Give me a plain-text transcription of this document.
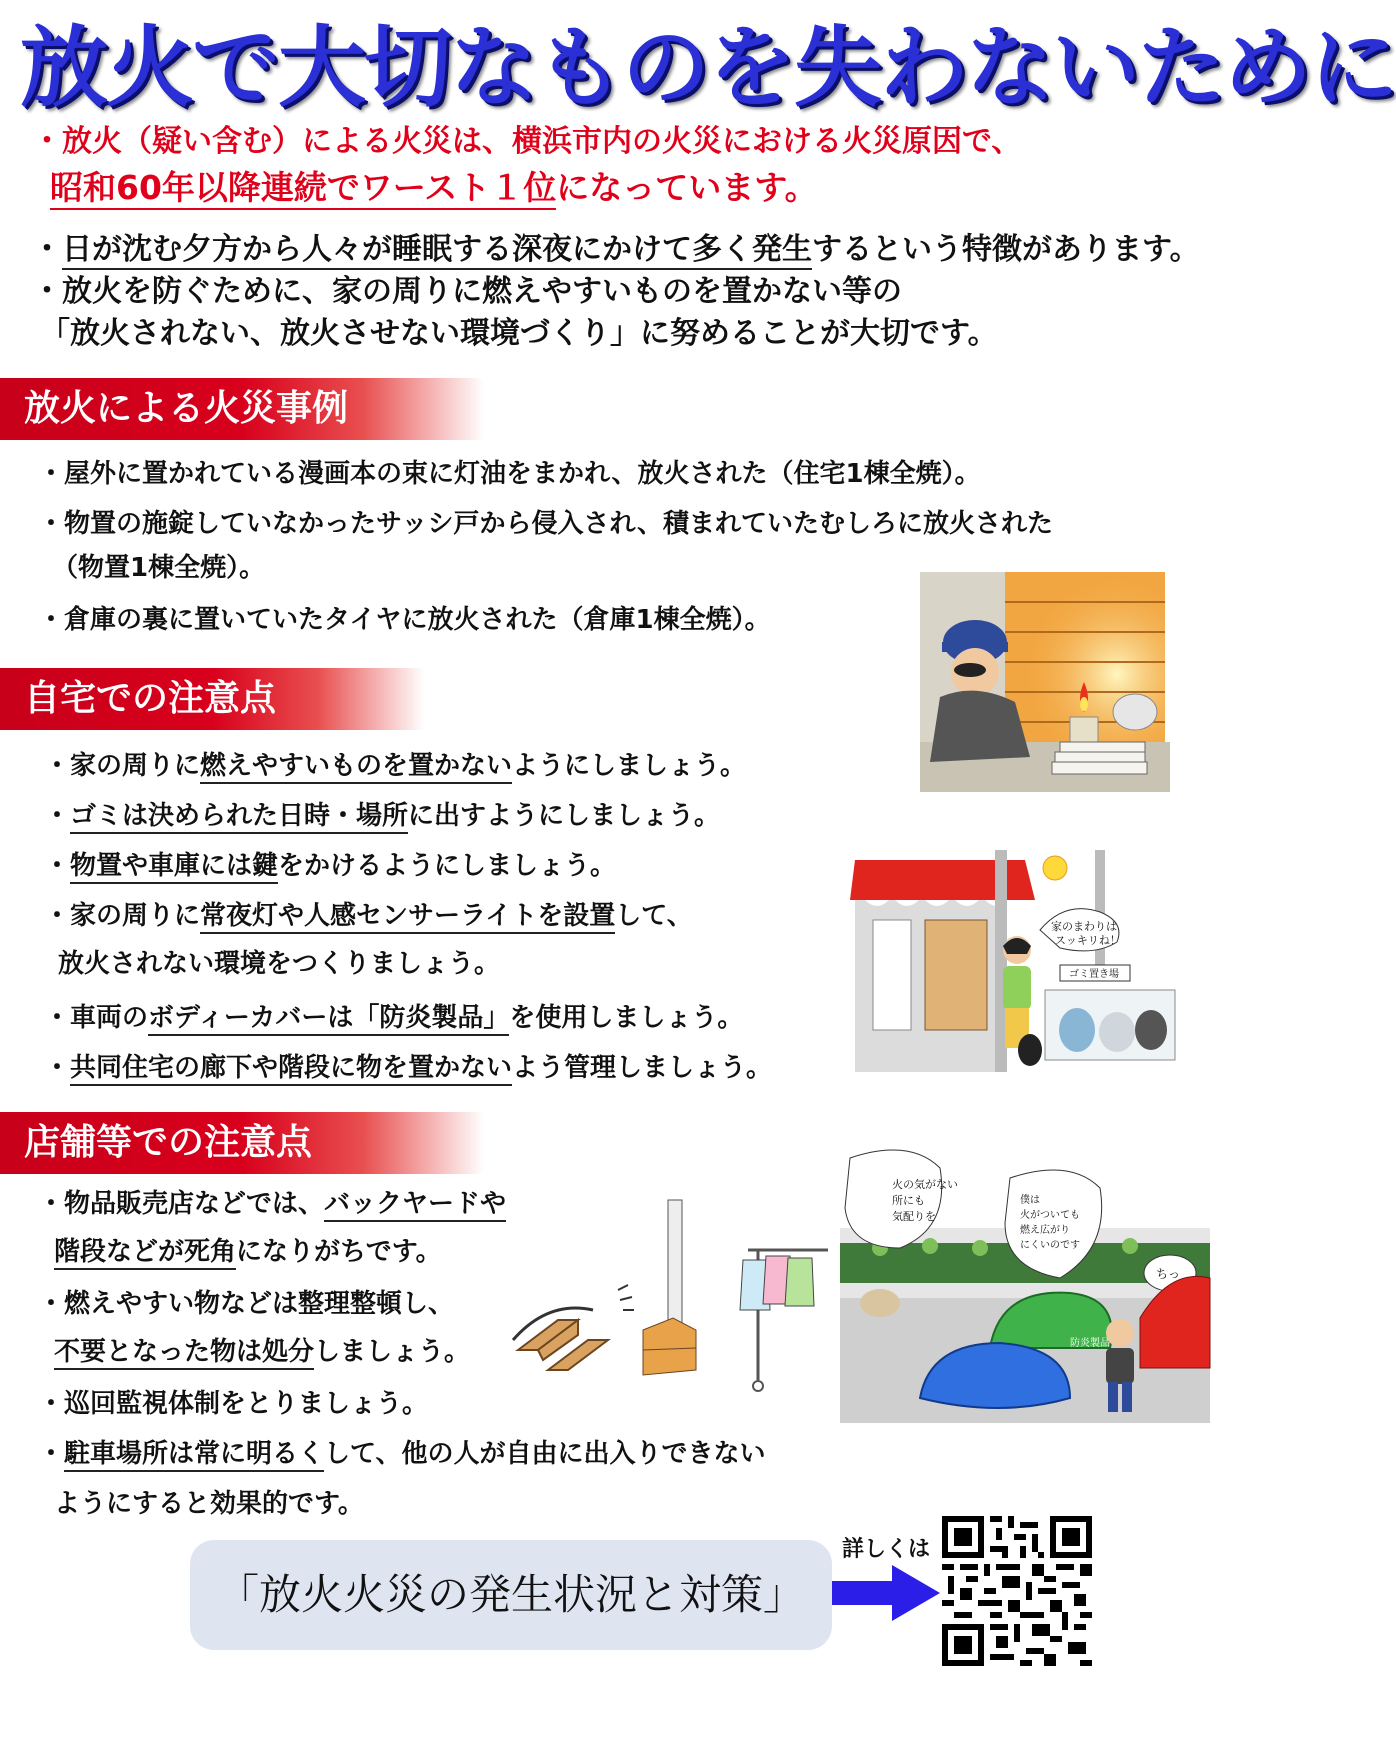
放火で大切なものを失わないために
・放火（疑い含む）による火災は、横浜市内の火災における火災原因で、
昭和60年以降連続でワースト１位になっています。
・日が沈む夕方から人々が睡眠する深夜にかけて多く発生するという特徴があります。
・放火を防ぐために、家の周りに燃えやすいものを置かない等の
「放火されない、放火させない環境づくり」に努めることが大切です。
放火による火災事例
・屋外に置かれている漫画本の束に灯油をまかれ、放火された（住宅1棟全焼）。
・物置の施錠していなかったサッシ戸から侵入され、積まれていたむしろに放火された
（物置1棟全焼）。
・倉庫の裏に置いていたタイヤに放火された（倉庫1棟全焼）。
自宅での注意点
・家の周りに燃えやすいものを置かないようにしましょう。
・ゴミは決められた日時・場所に出すようにしましょう。
・物置や車庫には鍵をかけるようにしましょう。
・家の周りに常夜灯や人感センサーライトを設置して、
放火されない環境をつくりましょう。
・車両のボディーカバーは「防炎製品」を使用しましょう。
・共同住宅の廊下や階段に物を置かないよう管理しましょう。
家のまわりは
スッキリね！
ゴミ置き場
店舗等での注意点
・物品販売店などでは、バックヤードや
階段などが死角になりがちです。
・燃えやすい物などは整理整頓し、
不要となった物は処分しましょう。
・巡回監視体制をとりましょう。
・駐車場所は常に明るくして、他の人が自由に出入りできない
ようにすると効果的です。
火の気がない
所にも
気配りを
僕は
火がついても
燃え広がり
にくいのです
ちっ
防炎製品
「放火火災の発生状況と対策」
詳しくは
